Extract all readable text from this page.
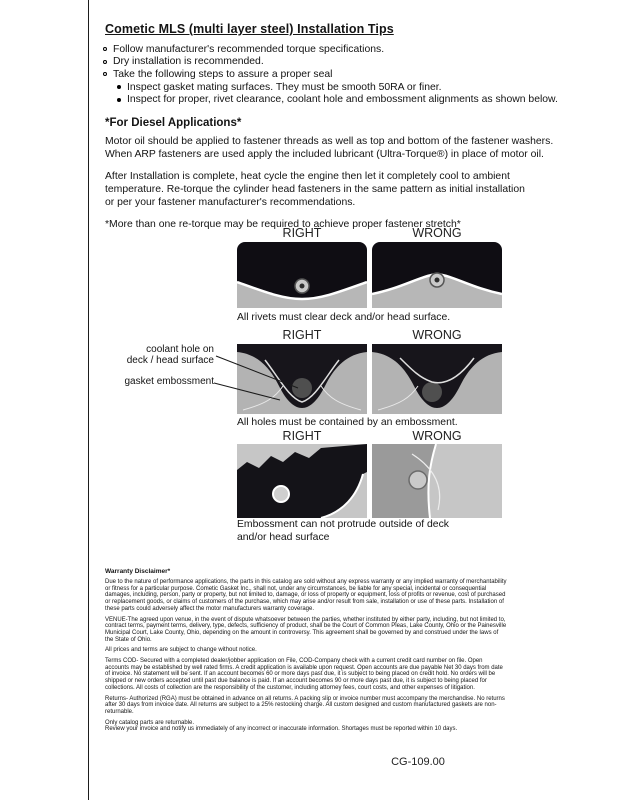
Cometic MLS (multi layer steel) Installation Tips
Follow manufacturer's recommended torque specifications.
Dry installation is recommended.
Take the following steps to assure a proper seal
Inspect gasket mating surfaces. They must be smooth 50RA or finer.
Inspect for proper, rivet clearance, coolant hole and embossment alignments as shown below.
*For Diesel Applications*
Motor oil should be applied to fastener threads as well as top and bottom of the fastener washers.
When ARP fasteners are used apply the included lubricant (Ultra-Torque®) in place of motor oil.
After Installation is complete, heat cycle the engine then let it completely cool to ambient
temperature. Re-torque the cylinder head fasteners in the same pattern as initial installation
or per your fastener manufacturer's recommendations.
*More than one re-torque may be required to achieve proper fastener stretch*
RIGHT	WRONG
All rivets must clear deck and/or head surface.
RIGHT	WRONG
All holes must be contained by an embossment.
coolant hole on
deck / head surface
gasket embossment
RIGHT	WRONG
Embossment can not protrude outside of deck
and/or head surface
Warranty Disclaimer*

Due to the nature of performance applications, the parts in this catalog are sold without any express warranty or any implied warranty of merchantability or fitness for a particular purpose. Cometic Gasket Inc., shall not, under any circumstances, be liable for any special, incidental or consequential damages, including, person, party or property, but not limited to, damage, or loss of property or equipment, loss of profits or revenue, cost of purchased or replacement goods, or claims of customers of the purchase, which may arise and/or result from sale, installation or use of these parts. Installation of these parts could adversely affect the motor manufacturers warranty coverage.

VENUE-The agreed upon venue, in the event of dispute whatsoever between the parties, whether instituted by either party, including, but not limited to, contract terms, payment terms, delivery, type, defects, sufficiency of product, shall be the Court of Common Pleas, Lake County, Ohio or the Painesville Municipal Court, Lake County, Ohio, depending on the amount in controversy. This agreement shall be governed by and construed under the laws of the State of Ohio.

All prices and terms are subject to change without notice.

Terms COD- Secured with a completed dealer/jobber application on File, COD-Company check with a current credit card number on file. Open accounts may be established by well rated firms. A credit application is available upon request. Open accounts are due payable Net 30 days from date of invoice. No statement will be sent. If an account becomes 60 or more days past due, it is subject to being placed on credit hold. No orders will be shipped or new orders accepted until past due balance is paid. If an account becomes 90 or more days past due, it is subject to being placed for collections. All costs of collection are the responsibility of the customer, including attorney fees, court costs, and other expenses of litigation.

Returns- Authorized (RGA) must be obtained in advance on all returns. A packing slip or invoice number must accompany the merchandise. No returns after 30 days from invoice date. All returns are subject to a 25% restocking charge. All custom designed and custom manufactured gaskets are non-returnable.

Only catalog parts are returnable.

Review your invoice and notify us immediately of any incorrect or inaccurate information. Shortages must be reported within 10 days.

CG-109.00
